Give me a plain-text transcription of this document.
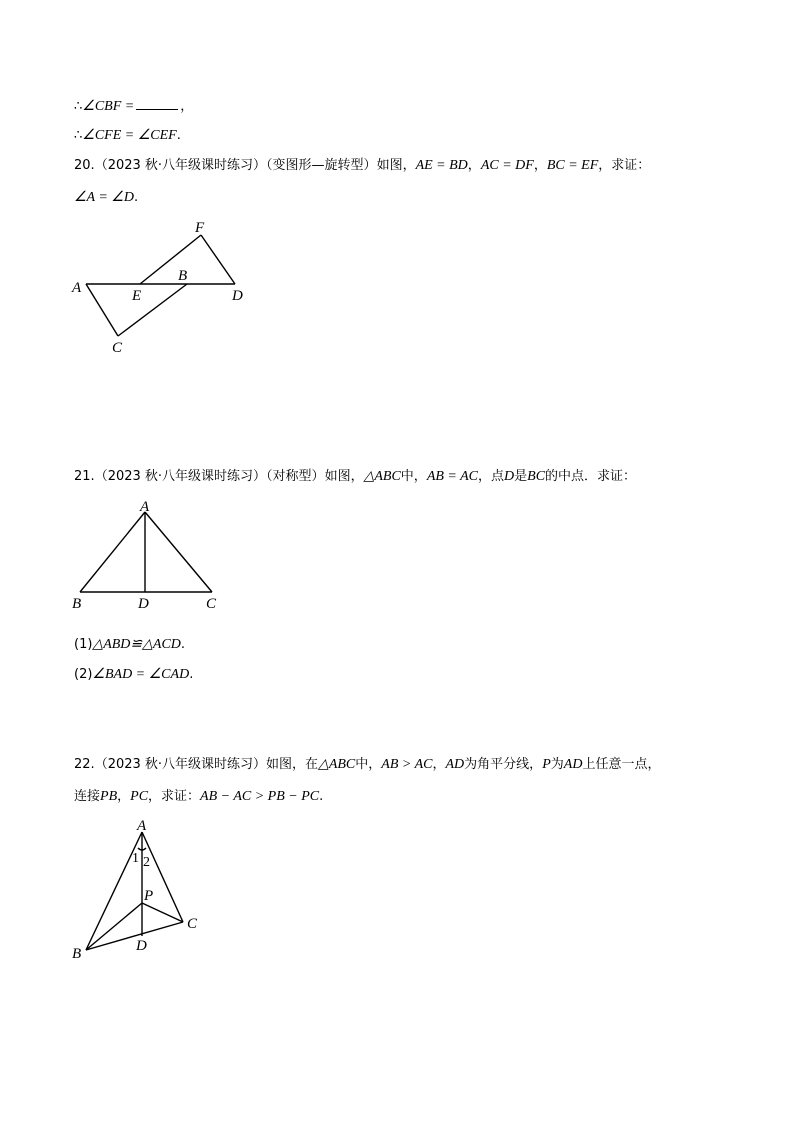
∴∠CBF =	，
∴∠CFE = ∠CEF.
20.（2023 秋·八年级课时练习）（变图形—旋转型）如图，AE = BD，AC = DF，BC = EF，求证：
∠A = ∠D.
A
B
C
D
E
F
21.（2023 秋·八年级课时练习）（对称型）如图，△ABC中，AB = AC，点D是BC的中点．求证：
A
B	D	C
(1)△ABD≌△ACD.
(2)∠BAD = ∠CAD.
22.（2023 秋·八年级课时练习）如图，在△ABC中，AB > AC，AD为角平分线，P为AD上任意一点，
连接PB，PC，求证：AB − AC > PB − PC.
A
B
C
D
P
1 2
